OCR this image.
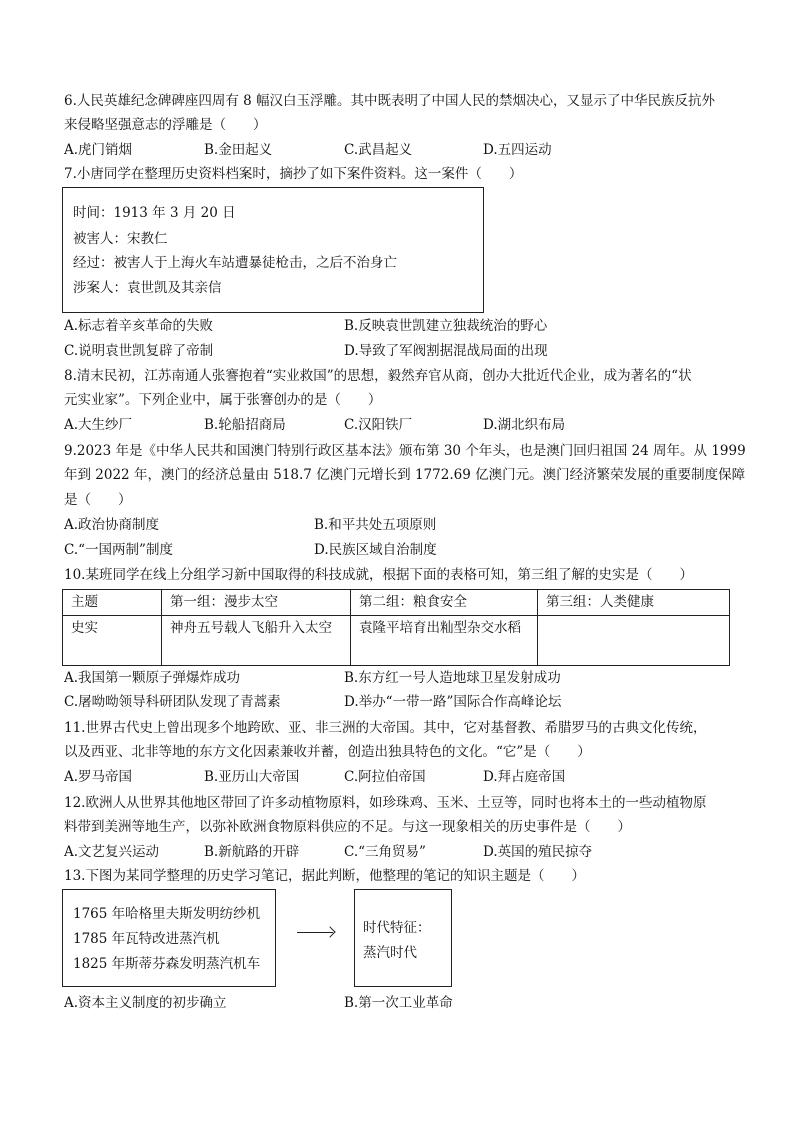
6.人民英雄纪念碑碑座四周有 8 幅汉白玉浮雕。其中既表明了中国人民的禁烟决心，又显示了中华民族反抗外
来侵略坚强意志的浮雕是（　　）
A.虎门销烟	B.金田起义	C.武昌起义	D.五四运动
7.小唐同学在整理历史资料档案时，摘抄了如下案件资料。这一案件（　　）
时间：1913 年 3 月 20 日
被害人：宋教仁
经过：被害人于上海火车站遭暴徒枪击，之后不治身亡
涉案人：袁世凯及其亲信
A.标志着辛亥革命的失败	B.反映袁世凯建立独裁统治的野心
C.说明袁世凯复辟了帝制	D.导致了军阀割据混战局面的出现
8.清末民初，江苏南通人张謇抱着“实业救国”的思想，毅然弃官从商，创办大批近代企业，成为著名的“状
元实业家”。下列企业中，属于张謇创办的是（　　）
A.大生纱厂	B.轮船招商局	C.汉阳铁厂	D.湖北织布局
9.2023 年是《中华人民共和国澳门特别行政区基本法》颁布第 30 个年头，也是澳门回归祖国 24 周年。从 1999
年到 2022 年，澳门的经济总量由 518.7 亿澳门元增长到 1772.69 亿澳门元。澳门经济繁荣发展的重要制度保障
是（　　）
A.政治协商制度	B.和平共处五项原则
C.“一国两制”制度	D.民族区域自治制度
10.某班同学在线上分组学习新中国取得的科技成就，根据下面的表格可知，第三组了解的史实是（　　）
主题	第一组：漫步太空	第二组：粮食安全	第三组：人类健康
史实	神舟五号载人飞船升入太空	袁隆平培育出籼型杂交水稻	
A.我国第一颗原子弹爆炸成功	B.东方红一号人造地球卫星发射成功
C.屠呦呦领导科研团队发现了青蒿素	D.举办“一带一路”国际合作高峰论坛
11.世界古代史上曾出现多个地跨欧、亚、非三洲的大帝国。其中，它对基督教、希腊罗马的古典文化传统，
以及西亚、北非等地的东方文化因素兼收并蓄，创造出独具特色的文化。“它”是（　　）
A.罗马帝国	B.亚历山大帝国	C.阿拉伯帝国	D.拜占庭帝国
12.欧洲人从世界其他地区带回了许多动植物原料，如珍珠鸡、玉米、土豆等，同时也将本土的一些动植物原
料带到美洲等地生产，以弥补欧洲食物原料供应的不足。与这一现象相关的历史事件是（　　）
A.文艺复兴运动	B.新航路的开辟	C.“三角贸易”	D.英国的殖民掠夺
13.下图为某同学整理的历史学习笔记，据此判断，他整理的笔记的知识主题是（　　）
1765 年哈格里夫斯发明纺纱机
1785 年瓦特改进蒸汽机
1825 年斯蒂芬森发明蒸汽机车
时代特征：
蒸汽时代
A.资本主义制度的初步确立	B.第一次工业革命
